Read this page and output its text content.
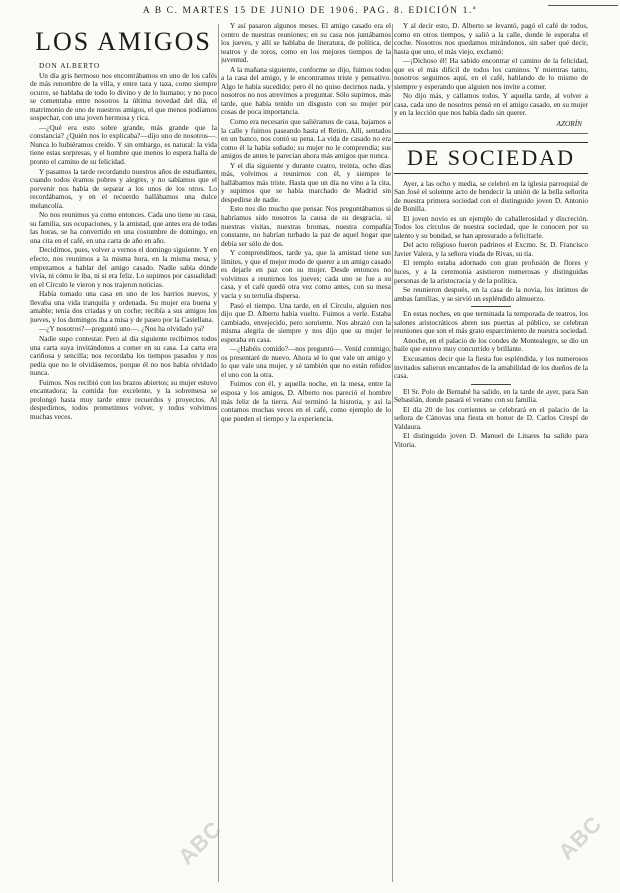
A B C. MARTES 15 DE JUNIO DE 1906. PAG. 8. EDICIÓN 1.ª
LOS AMIGOS

DON ALBERTO

Un día gris hermoso nos encontrábamos en uno de los cafés de más renombre de la villa, y entre taza y taza, como siempre ocurre, se hablaba de todo lo divino y de lo humano; y no poco se comentaba entre nosotros la última novedad del día, el matrimonio de uno de nuestros amigos, el que menos podíamos sospechar, con una joven hermosa y rica.

—¿Qué era esto sobre grande, más grande que la constancia? ¿Quién nos lo explicaba?—dijo uno de nosotros—. Nunca lo hubiéramos creído. Y sin embargo, es natural: la vida tiene estas sorpresas, y el hombre que menos lo espera halla de pronto el camino de su felicidad.

Y pasamos la tarde recordando nuestros años de estudiantes, cuando todos éramos pobres y alegres, y no sabíamos que el porvenir nos había de separar a los unos de los otros. Lo recordábamos, y en el recuerdo hallábamos una dulce melancolía.

No nos reunimos ya como entonces. Cada uno tiene su casa, su familia, sus ocupaciones, y la amistad, que antes era de todas las horas, se ha convertido en una costumbre de domingo, en una cita en el café, en una carta de año en año.

Decidimos, pues, volver a vernos el domingo siguiente. Y en efecto, nos reunimos a la misma hora, en la misma mesa, y empezamos a hablar del amigo casado. Nadie sabía dónde vivía, ni cómo le iba, ni si era feliz. Lo supimos por casualidad: en el Círculo le vieron y nos trajeron noticias.

Había tomado una casa en uno de los barrios nuevos, y llevaba una vida tranquila y ordenada. Su mujer era buena y amable; tenía dos criadas y un coche; recibía a sus amigos los jueves, y los domingos iba a misa y de paseo por la Castellana.

—¿Y nosotros?—preguntó uno—. ¿Nos ha olvidado ya?

Nadie supo contestar. Pero al día siguiente recibimos todos una carta suya invitándonos a comer en su casa. La carta era cariñosa y sencilla; nos recordaba los tiempos pasados y nos pedía que no le olvidásemos, porque él no nos había olvidado nunca.

Fuimos. Nos recibió con los brazos abiertos; su mujer estuvo encantadora; la comida fue excelente, y la sobremesa se prolongó hasta muy tarde entre recuerdos y proyectos. Al despedirnos, todos prometimos volver, y todos volvimos muchas veces.

Y así pasaron algunos meses. El amigo casado era el centro de nuestras reuniones; en su casa nos juntábamos los jueves, y allí se hablaba de literatura, de política, de teatros y de toros, como en los mejores tiempos de la juventud.

A la mañana siguiente, conforme se dijo, fuimos todos a la casa del amigo, y le encontramos triste y pensativo. Algo le había sucedido; pero él no quiso decirnos nada, y nosotros no nos atrevimos a preguntar. Sólo supimos, más tarde, que había tenido un disgusto con su mujer por cosas de poca importancia.

Como era necesario que saliéramos de casa, bajamos a la calle y fuimos paseando hasta el Retiro. Allí, sentados en un banco, nos contó su pena. La vida de casado no era como él la había soñado; su mujer no le comprendía; sus amigos de antes le parecían ahora más amigos que nunca.

Y el día siguiente y durante cuatro, treinta, ocho días más, volvimos a reunirnos con él, y siempre le hallábamos más triste. Hasta que un día no vino a la cita, y supimos que se había marchado de Madrid sin despedirse de nadie.

Esto nos dio mucho que pensar. Nos preguntábamos si habríamos sido nosotros la causa de su desgracia, si nuestras visitas, nuestras bromas, nuestra compañía constante, no habrían turbado la paz de aquel hogar que debía ser sólo de dos.

Y comprendimos, tarde ya, que la amistad tiene sus límites, y que el mejor modo de querer a un amigo casado es dejarle en paz con su mujer. Desde entonces no volvimos a reunirnos los jueves; cada uno se fue a su casa, y el café quedó otra vez como antes, con su mesa vacía y su tertulia dispersa.

Pasó el tiempo. Una tarde, en el Círculo, alguien nos dijo que D. Alberto había vuelto. Fuimos a verle. Estaba cambiado, envejecido, pero sonriente. Nos abrazó con la misma alegría de siempre y nos dijo que su mujer le esperaba en casa.

—¿Habéis comido?—nos preguntó—. Venid conmigo; os presentaré de nuevo. Ahora sé lo que vale un amigo y lo que vale una mujer, y sé también que no están reñidos el uno con la otra.

Fuimos con él, y aquella noche, en la mesa, entre la esposa y los amigos, D. Alberto nos pareció el hombre más feliz de la tierra. Así terminó la historia, y así la contamos muchas veces en el café, como ejemplo de lo que pueden el tiempo y la experiencia.

Y al decir esto, D. Alberto se levantó, pagó el café de todos, como en otros tiempos, y salió a la calle, donde le esperaba el coche. Nosotros nos quedamos mirándonos, sin saber qué decir, hasta que uno, el más viejo, exclamó:

—¡Dichoso él! Ha sabido encontrar el camino de la felicidad, que es el más difícil de todos los caminos. Y mientras tanto, nosotros seguimos aquí, en el café, hablando de lo mismo de siempre y esperando que alguien nos invite a comer.

No dijo más, y callamos todos. Y aquella tarde, al volver a casa, cada uno de nosotros pensó en el amigo casado, en su mujer y en la lección que nos había dado sin querer.

AZORÍN
DE SOCIEDAD

Ayer, a las ocho y media, se celebró en la iglesia parroquial de San José el solemne acto de bendecir la unión de la bella señorita de nuestra primera sociedad con el distinguido joven D. Antonio de Bonilla.

El joven novio es un ejemplo de caballerosidad y discreción. Todos los círculos de nuestra sociedad, que le conocen por su talento y su bondad, se han apresurado a felicitarle.

Del acto religioso fueron padrinos el Excmo. Sr. D. Francisco Javier Valera, y la señora viuda de Rivas, su tía.

El templo estaba adornado con gran profusión de flores y luces, y a la ceremonia asistieron numerosas y distinguidas personas de la aristocracia y de la política.

Se reunieron después, en la casa de la novia, los íntimos de ambas familias, y se sirvió un espléndido almuerzo.

En estas noches, en que terminada la temporada de teatros, los salones aristocráticos abren sus puertas al público, se celebran reuniones que son el más grato esparcimiento de nuestra sociedad.

Anoche, en el palacio de los condes de Montealegre, se dio un baile que estuvo muy concurrido y brillante.

Excusamos decir que la fiesta fue espléndida, y los numerosos invitados salieron encantados de la amabilidad de los dueños de la casa.

El Sr. Polo de Bernabé ha salido, en la tarde de ayer, para San Sebastián, donde pasará el verano con su familia.

El día 20 de los corrientes se celebrará en el palacio de la señora de Cánovas una fiesta en honor de D. Carlos Crespí de Valdaura.

El distinguido joven D. Manuel de Linares ha salido para Vitoria.

ABC	ABC
